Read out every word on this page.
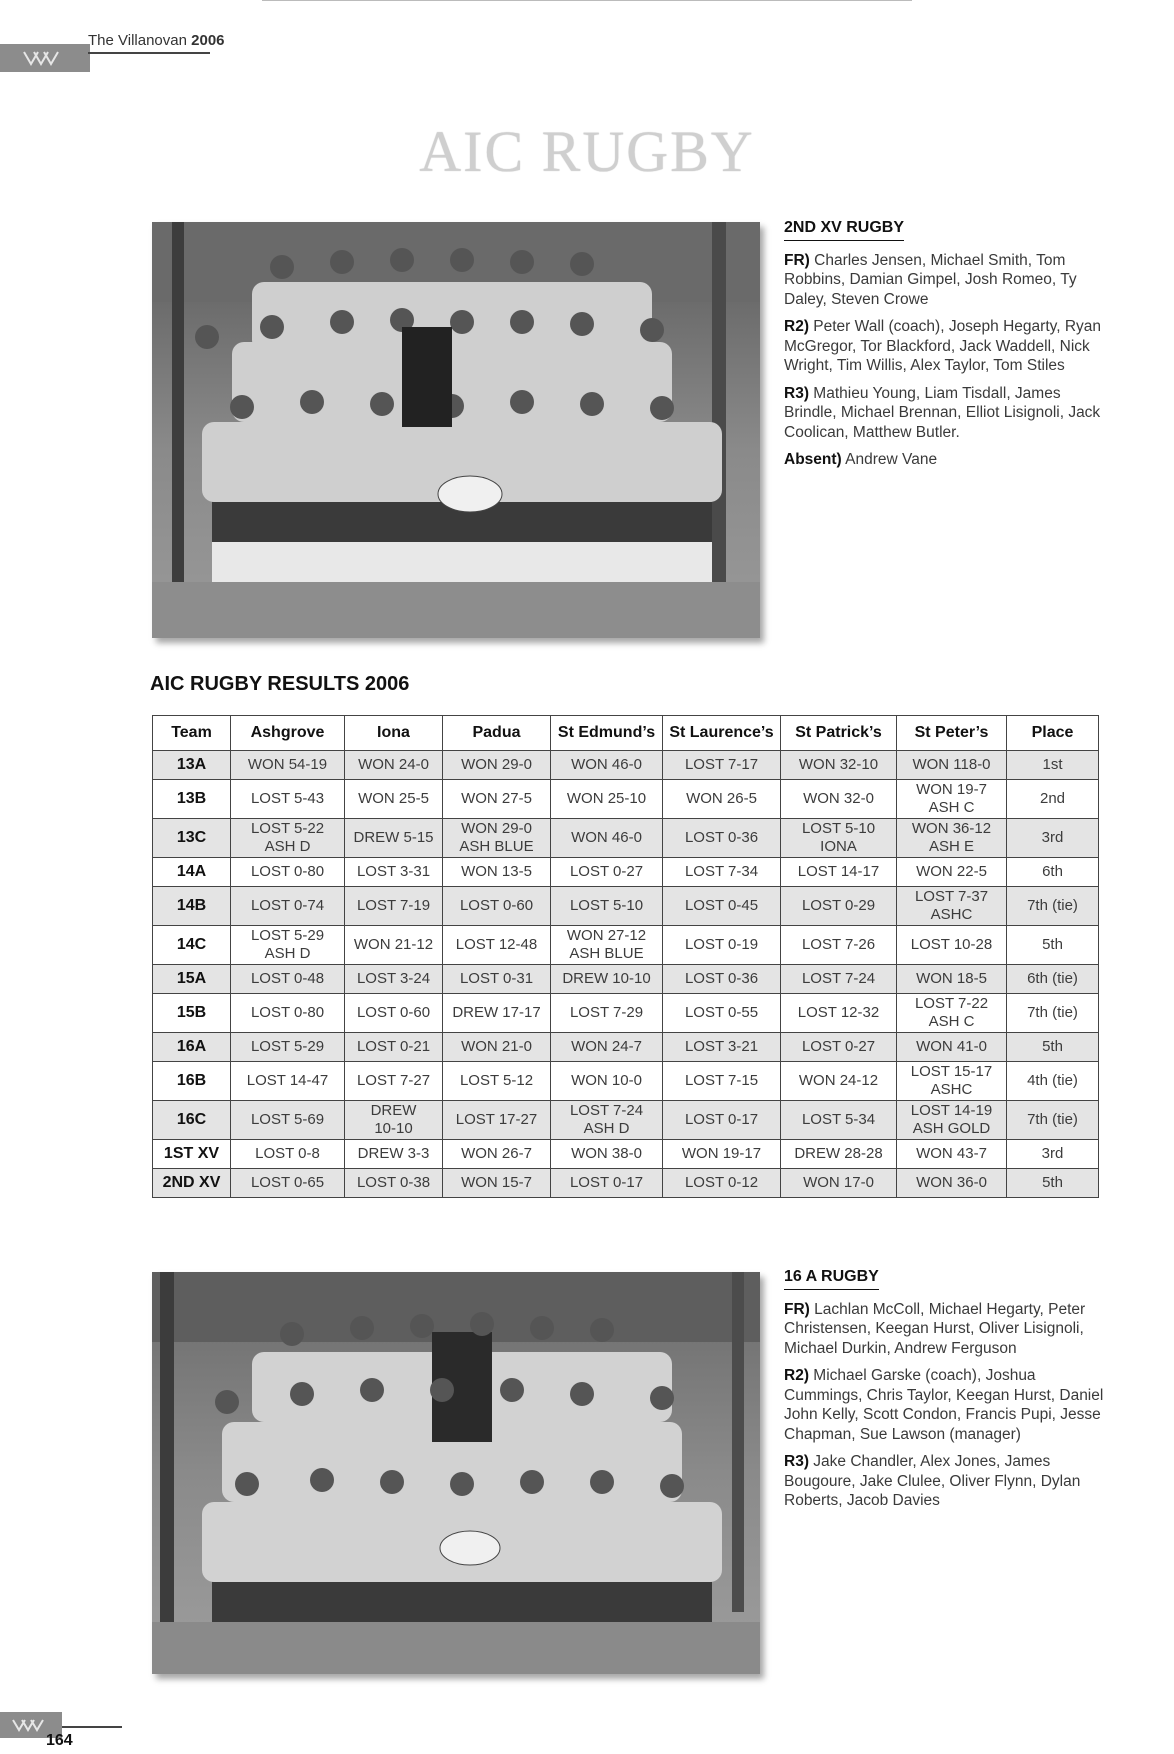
The Villanovan 2006
AIC RUGBY
2ND XV RUGBY
FR) Charles Jensen, Michael Smith, Tom Robbins, Damian Gimpel, Josh Romeo, Ty Daley, Steven Crowe
R2) Peter Wall (coach), Joseph Hegarty, Ryan McGregor, Tor Blackford, Jack Waddell, Nick Wright, Tim Willis, Alex Taylor, Tom Stiles
R3) Mathieu Young, Liam Tisdall, James Brindle, Michael Brennan, Elliot Lisignoli, Jack Coolican, Matthew Butler.
Absent) Andrew Vane
AIC RUGBY RESULTS 2006
Team	Ashgrove	Iona	Padua	St Edmund’s	St Laurence’s	St Patrick’s	St Peter’s	Place
13A	WON 54-19	WON 24-0	WON 29-0	WON 46-0	LOST 7-17	WON 32-10	WON 118-0	1st

13B	LOST 5-43	WON 25-5	WON 27-5	WON 25-10	WON 26-5	WON 32-0	WON 19-7
ASH C	2nd

13C	LOST 5-22
ASH D	DREW 5-15	WON 29-0
ASH BLUE	WON 46-0	LOST 0-36	LOST 5-10
IONA	WON 36-12
ASH E	3rd

14A	LOST 0-80	LOST 3-31	WON 13-5	LOST 0-27	LOST 7-34	LOST 14-17	WON 22-5	6th

14B	LOST 0-74	LOST 7-19	LOST 0-60	LOST 5-10	LOST 0-45	LOST 0-29	LOST 7-37
ASHC	7th (tie)

14C	LOST 5-29
ASH D	WON 21-12	LOST 12-48	WON 27-12
ASH BLUE	LOST 0-19	LOST 7-26	LOST 10-28	5th

15A	LOST 0-48	LOST 3-24	LOST 0-31	DREW 10-10	LOST 0-36	LOST 7-24	WON 18-5	6th (tie)

15B	LOST 0-80	LOST 0-60	DREW 17-17	LOST 7-29	LOST 0-55	LOST 12-32	LOST 7-22
ASH C	7th (tie)

16A	LOST 5-29	LOST 0-21	WON 21-0	WON 24-7	LOST 3-21	LOST 0-27	WON 41-0	5th

16B	LOST 14-47	LOST 7-27	LOST 5-12	WON 10-0	LOST 7-15	WON 24-12	LOST 15-17
ASHC	4th (tie)

16C	LOST 5-69	DREW
10-10	LOST 17-27	LOST 7-24
ASH D	LOST 0-17	LOST 5-34	LOST 14-19
ASH GOLD	7th (tie)

1ST XV	LOST 0-8	DREW 3-3	WON 26-7	WON 38-0	WON 19-17	DREW 28-28	WON 43-7	3rd

2ND XV	LOST 0-65	LOST 0-38	WON 15-7	LOST 0-17	LOST 0-12	WON 17-0	WON 36-0	5th
16 A RUGBY
FR) Lachlan McColl, Michael Hegarty, Peter Christensen, Keegan Hurst, Oliver Lisignoli, Michael Durkin, Andrew Ferguson
R2) Michael Garske (coach), Joshua Cummings, Chris Taylor, Keegan Hurst, Daniel John Kelly, Scott Condon, Francis Pupi, Jesse Chapman, Sue Lawson (manager)
R3) Jake Chandler, Alex Jones, James Bougoure, Jake Clulee, Oliver Flynn, Dylan Roberts, Jacob Davies
164
